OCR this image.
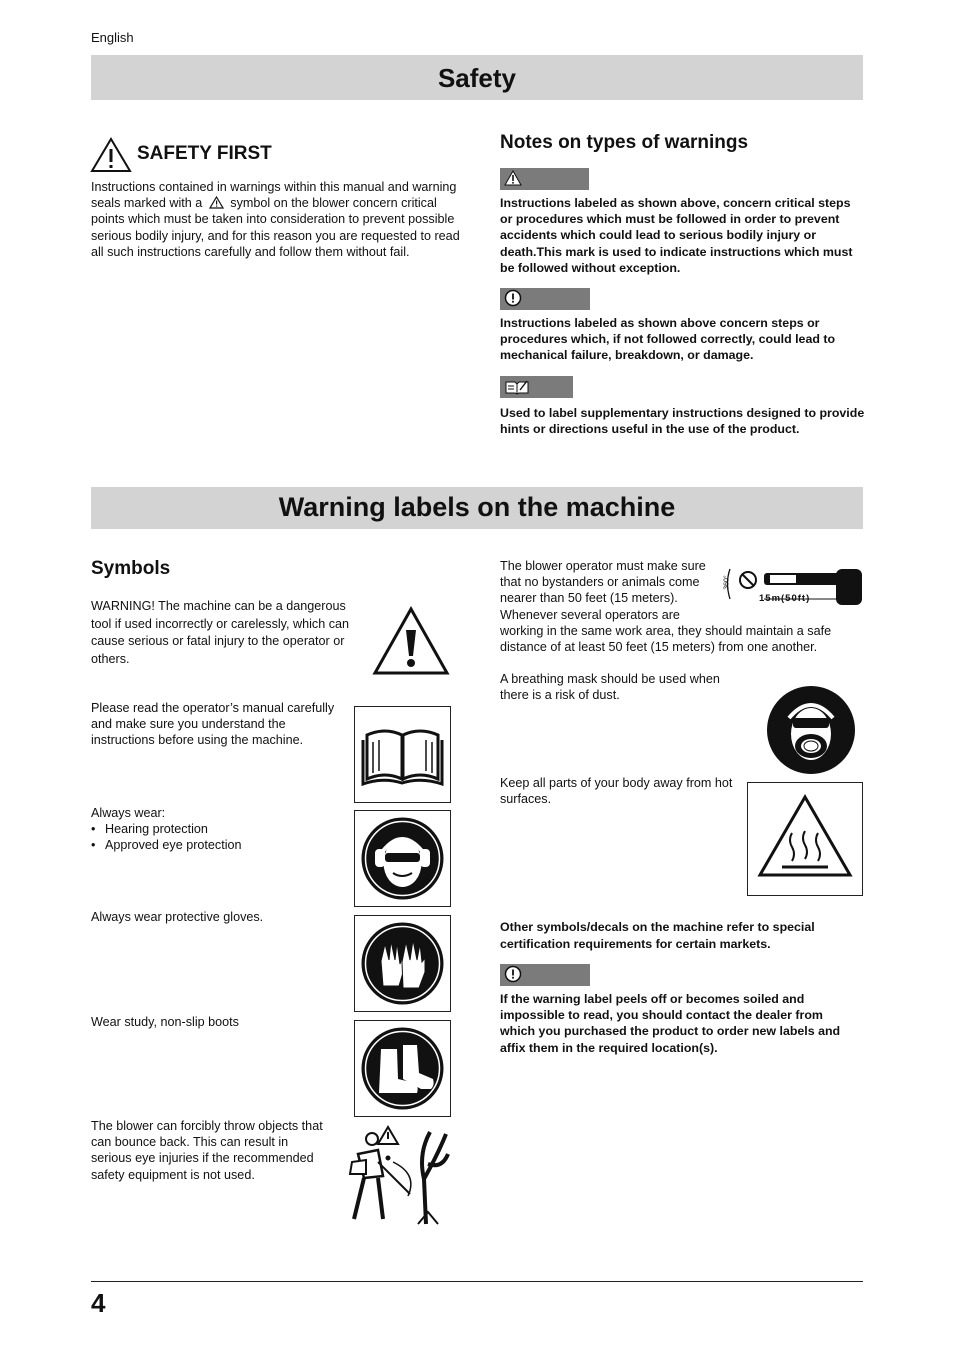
English
Safety
SAFETY FIRST
Instructions contained in warnings within this manual and warning seals marked with a symbol on the blower concern critical points which must be taken into consideration to prevent possible serious bodily injury, and for this reason you are requested to read all such instructions carefully and follow them without fail.
Notes on types of warnings
Instructions labeled as shown above, concern critical steps or procedures which must be followed in order to prevent accidents which could lead to serious bodily injury or death.This mark is used to indicate instructions which must be followed without exception.
Instructions labeled as shown above concern steps or procedures which, if not followed correctly, could lead to mechanical failure, breakdown, or damage.
Used to label supplementary instructions designed to provide hints or directions useful in the use of the product.
Warning labels on the machine
Symbols
WARNING! The machine can be a dangerous tool if used incorrectly or carelessly, which can cause serious or fatal injury to the operator or others.
Please read the operator’s manual carefully and make sure you understand the instructions before using the machine.
Always wear:
• Hearing protection
• Approved eye protection
Always wear protective gloves.
Wear study, non-slip boots
The blower can forcibly throw objects that can bounce back. This can result in serious eye injuries if the recommended safety equipment is not used.
The blower operator must make sure that no bystanders or animals come nearer than 50 feet (15 meters). Whenever several operators are
working in the same work area, they should maintain a safe distance of at least 50 feet (15 meters) from one another.
15m(50ft)
360°
A breathing mask should be used when there is a risk of dust.
Keep all parts of your body away from hot surfaces.
Other symbols/decals on the machine refer to special certification requirements for certain markets.
If the warning label peels off or becomes soiled and impossible to read, you should contact the dealer from which you purchased the product to order new labels and affix them in the required location(s).
4
